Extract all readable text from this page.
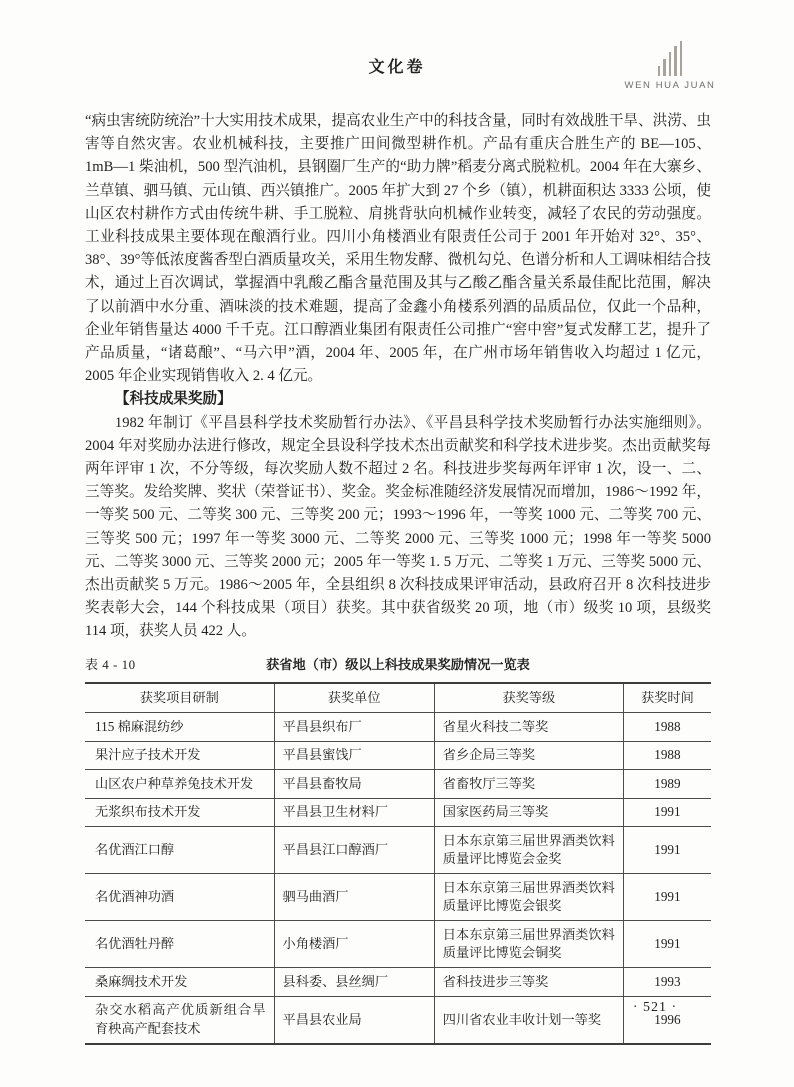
文化卷
WEN HUA JUAN

“病虫害统防统治”十大实用技术成果，提高农业生产中的科技含量，同时有效战胜干旱、洪涝、虫害等自然灾害。农业机械科技，主要推广田间微型耕作机。产品有重庆合胜生产的 BE—105、1mB—1 柴油机，500 型汽油机，县钢圈厂生产的“助力牌”稻麦分离式脱粒机。2004 年在大寨乡、兰草镇、驷马镇、元山镇、西兴镇推广。2005 年扩大到 27 个乡（镇），机耕面积达 3333 公顷，使山区农村耕作方式由传统牛耕、手工脱粒、肩挑背驮向机械作业转变，减轻了农民的劳动强度。工业科技成果主要体现在酿酒行业。四川小角楼酒业有限责任公司于 2001 年开始对 32°、35°、38°、39°等低浓度酱香型白酒质量攻关，采用生物发酵、微机勾兑、色谱分析和人工调味相结合技术，通过上百次调试，掌握酒中乳酸乙酯含量范围及其与乙酸乙酯含量关系最佳配比范围，解决了以前酒中水分重、酒味淡的技术难题，提高了金鑫小角楼系列酒的品质品位，仅此一个品种，企业年销售量达 4000 千千克。江口醇酒业集团有限责任公司推广“窖中窖”复式发酵工艺，提升了产品质量，“诸葛酿”、“马六甲”酒，2004 年、2005 年，在广州市场年销售收入均超过 1 亿元，2005 年企业实现销售收入 2. 4 亿元。

【科技成果奖励】

1982 年制订《平昌县科学技术奖励暂行办法》、《平昌县科学技术奖励暂行办法实施细则》。2004 年对奖励办法进行修改，规定全县设科学技术杰出贡献奖和科学技术进步奖。杰出贡献奖每两年评审 1 次，不分等级，每次奖励人数不超过 2 名。科技进步奖每两年评审 1 次，设一、二、三等奖。发给奖牌、奖状（荣誉证书）、奖金。奖金标准随经济发展情况而增加，1986～1992 年，一等奖 500 元、二等奖 300 元、三等奖 200 元；1993～1996 年，一等奖 1000 元、二等奖 700 元、三等奖 500 元；1997 年一等奖 3000 元、二等奖 2000 元、三等奖 1000 元；1998 年一等奖 5000 元、二等奖 3000 元、三等奖 2000 元；2005 年一等奖 1. 5 万元、二等奖 1 万元、三等奖 5000 元、杰出贡献奖 5 万元。1986～2005 年，全县组织 8 次科技成果评审活动，县政府召开 8 次科技进步奖表彰大会，144 个科技成果（项目）获奖。其中获省级奖 20 项，地（市）级奖 10 项，县级奖 114 项，获奖人员 422 人。

表 4 - 10	获省地（市）级以上科技成果奖励情况一览表
获奖项目研制	获奖单位	获奖等级	获奖时间
115 棉麻混纺纱	平昌县织布厂	省星火科技二等奖	1988
果汁应子技术开发	平昌县蜜饯厂	省乡企局三等奖	1988
山区农户种草养兔技术开发	平昌县畜牧局	省畜牧厅三等奖	1989
无浆织布技术开发	平昌县卫生材料厂	国家医药局三等奖	1991
名优酒江口醇	平昌县江口醇酒厂	日本东京第三届世界酒类饮料质量评比博览会金奖	1991
名优酒神功酒	驷马曲酒厂	日本东京第三届世界酒类饮料质量评比博览会银奖	1991
名优酒牡丹醉	小角楼酒厂	日本东京第三届世界酒类饮料质量评比博览会铜奖	1991
桑麻绸技术开发	县科委、县丝绸厂	省科技进步三等奖	1993
杂交水稻高产优质新组合旱育秧高产配套技术	平昌县农业局	四川省农业丰收计划一等奖	1996
· 521 ·
